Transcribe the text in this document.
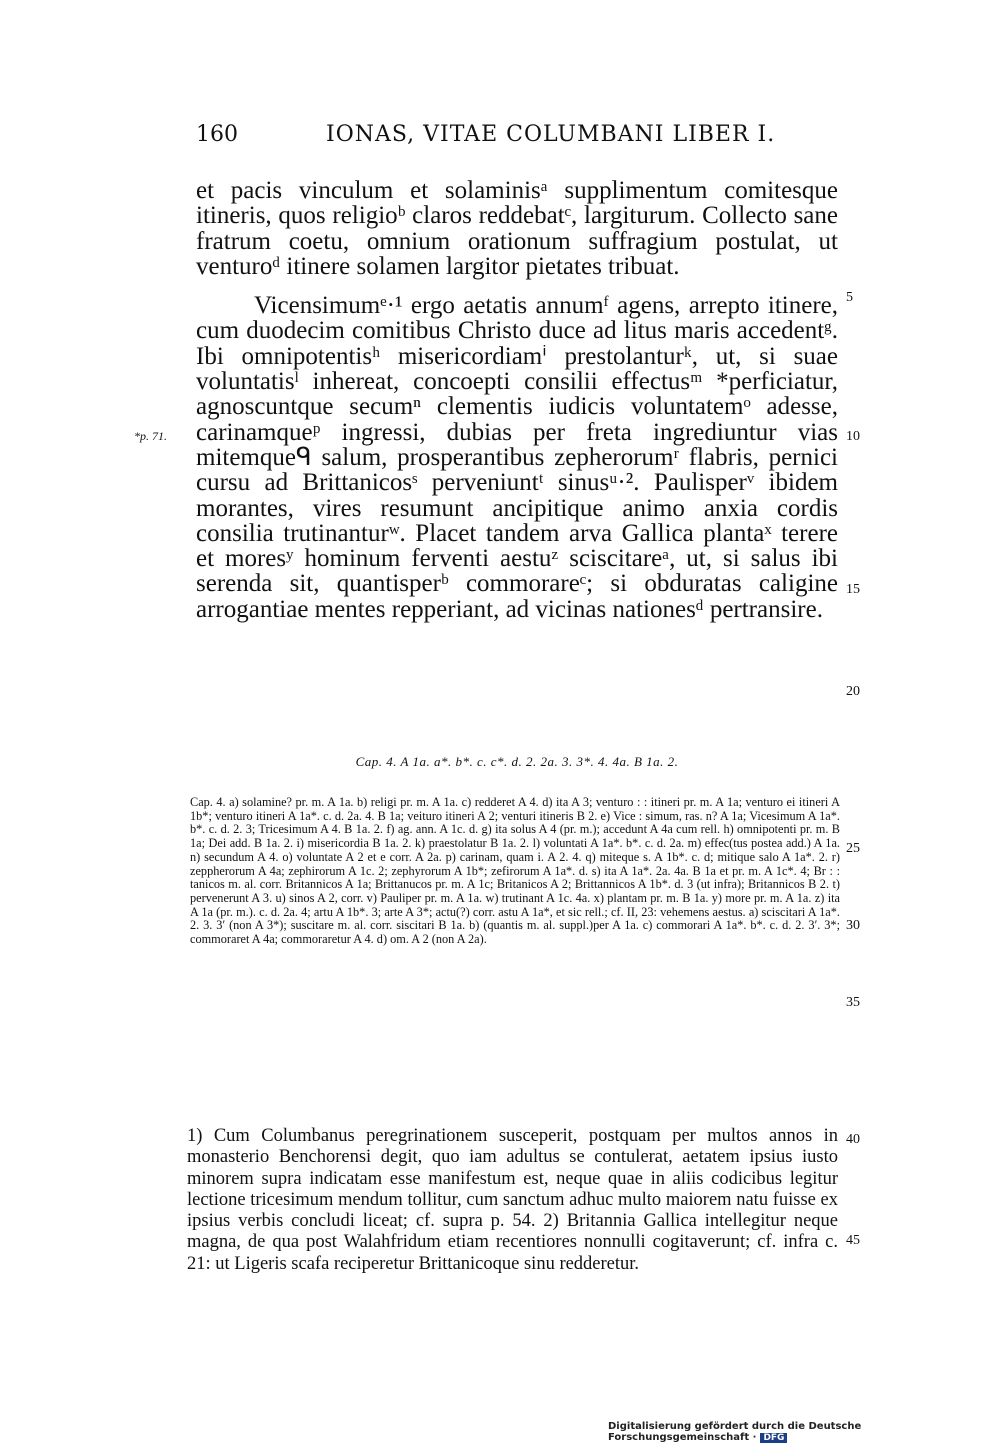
160	IONAS, VITAE COLUMBANI LIBER I.

et pacis vinculum et solaminisᵃ supplimentum comitesque itineris, quos religioᵇ claros reddebatᶜ, largiturum. Collecto sane fratrum coetu, omnium orationum suffragium postulat, ut venturoᵈ itinere solamen largitor pietates tribuat.

Vicensimumᵉ·¹ ergo aetatis annumᶠ agens, arrepto itinere, cum duodecim comitibus Christo duce ad litus maris accedentᵍ. Ibi omnipotentisʰ misericordiamⁱ prestolanturᵏ, ut, si suae voluntatisˡ inhereat, concoepti consilii effectusᵐ *perficiatur, agnoscuntque secumⁿ clementis iudicis voluntatemᵒ adesse, carinamqueᵖ ingressi, dubias per freta ingrediuntur vias mitemqueᑫ salum, prosperantibus zepherorumʳ flabris, pernici cursu ad Brittanicosˢ perveniuntᵗ sinusᵘ·². Paulisperᵛ ibidem morantes, vires resumunt ancipitique animo anxia cordis consilia trutinanturʷ. Placet tandem arva Gallica plantaˣ terere et moresʸ hominum ferventi aestuᶻ sciscitareᵃ, ut, si salus ibi serenda sit, quantisperᵇ commorareᶜ; si obduratas caligine arrogantiae mentes repperiant, ad vicinas nationesᵈ pertransire.

*p. 71.
5
10
15
20
25
30
35
40
45
Cap. 4. A 1a. a*. b*. c. c*. d. 2. 2a. 3. 3*. 4. 4a. B 1a. 2.
Cap. 4. a) solamine? pr. m. A 1a. b) religi pr. m. A 1a. c) redderet A 4. d) ita A 3; venturo : : itineri pr. m. A 1a; venturo ei itineri A 1b*; venturo itineri A 1a*. c. d. 2a. 4. B 1a; veituro itineri A 2; venturi itineris B 2. e) Vice : simum, ras. n? A 1a; Vicesimum A 1a*. b*. c. d. 2. 3; Tricesimum A 4. B 1a. 2. f) ag. ann. A 1c. d. g) ita solus A 4 (pr. m.); accedunt A 4a cum rell. h) omnipotenti pr. m. B 1a; Dei add. B 1a. 2. i) misericordia B 1a. 2. k) praestolatur B 1a. 2. l) voluntati A 1a*. b*. c. d. 2a. m) effec(tus postea add.) A 1a. n) secundum A 4. o) voluntate A 2 et e corr. A 2a. p) carinam, quam i. A 2. 4. q) miteque s. A 1b*. c. d; mitique salo A 1a*. 2. r) zeppherorum A 4a; zephirorum A 1c. 2; zephyrorum A 1b*; zefirorum A 1a*. d. s) ita A 1a*. 2a. 4a. B 1a et pr. m. A 1c*. 4; Br : : tanicos m. al. corr. Britannicos A 1a; Brittanucos pr. m. A 1c; Britanicos A 2; Brittannicos A 1b*. d. 3 (ut infra); Britannicos B 2. t) pervenerunt A 3. u) sinos A 2, corr. v) Pauliper pr. m. A 1a. w) trutinant A 1c. 4a. x) plantam pr. m. B 1a. y) more pr. m. A 1a. z) ita A 1a (pr. m.). c. d. 2a. 4; artu A 1b*. 3; arte A 3*; actu(?) corr. astu A 1a*, et sic rell.; cf. II, 23: vehemens aestus. a) sciscitari A 1a*. 2. 3. 3′ (non A 3*); suscitare m. al. corr. siscitari B 1a. b) (quantis m. al. suppl.)per A 1a. c) commorari A 1a*. b*. c. d. 2. 3′. 3*; commoraret A 4a; commoraretur A 4. d) om. A 2 (non A 2a).
1) Cum Columbanus peregrinationem susceperit, postquam per multos annos in monasterio Benchorensi degit, quo iam adultus se contulerat, aetatem ipsius iusto minorem supra indicatam esse manifestum est, neque quae in aliis codicibus legitur lectione tricesimum mendum tollitur, cum sanctum adhuc multo maiorem natu fuisse ex ipsius verbis concludi liceat; cf. supra p. 54. 2) Britannia Gallica intellegitur neque magna, de qua post Walahfridum etiam recentiores nonnulli cogitaverunt; cf. infra c. 21: ut Ligeris scafa reciperetur Brittanicoque sinu redderetur.
Digitalisierung gefördert durch die Deutsche Forschungsgemeinschaft · DFG
